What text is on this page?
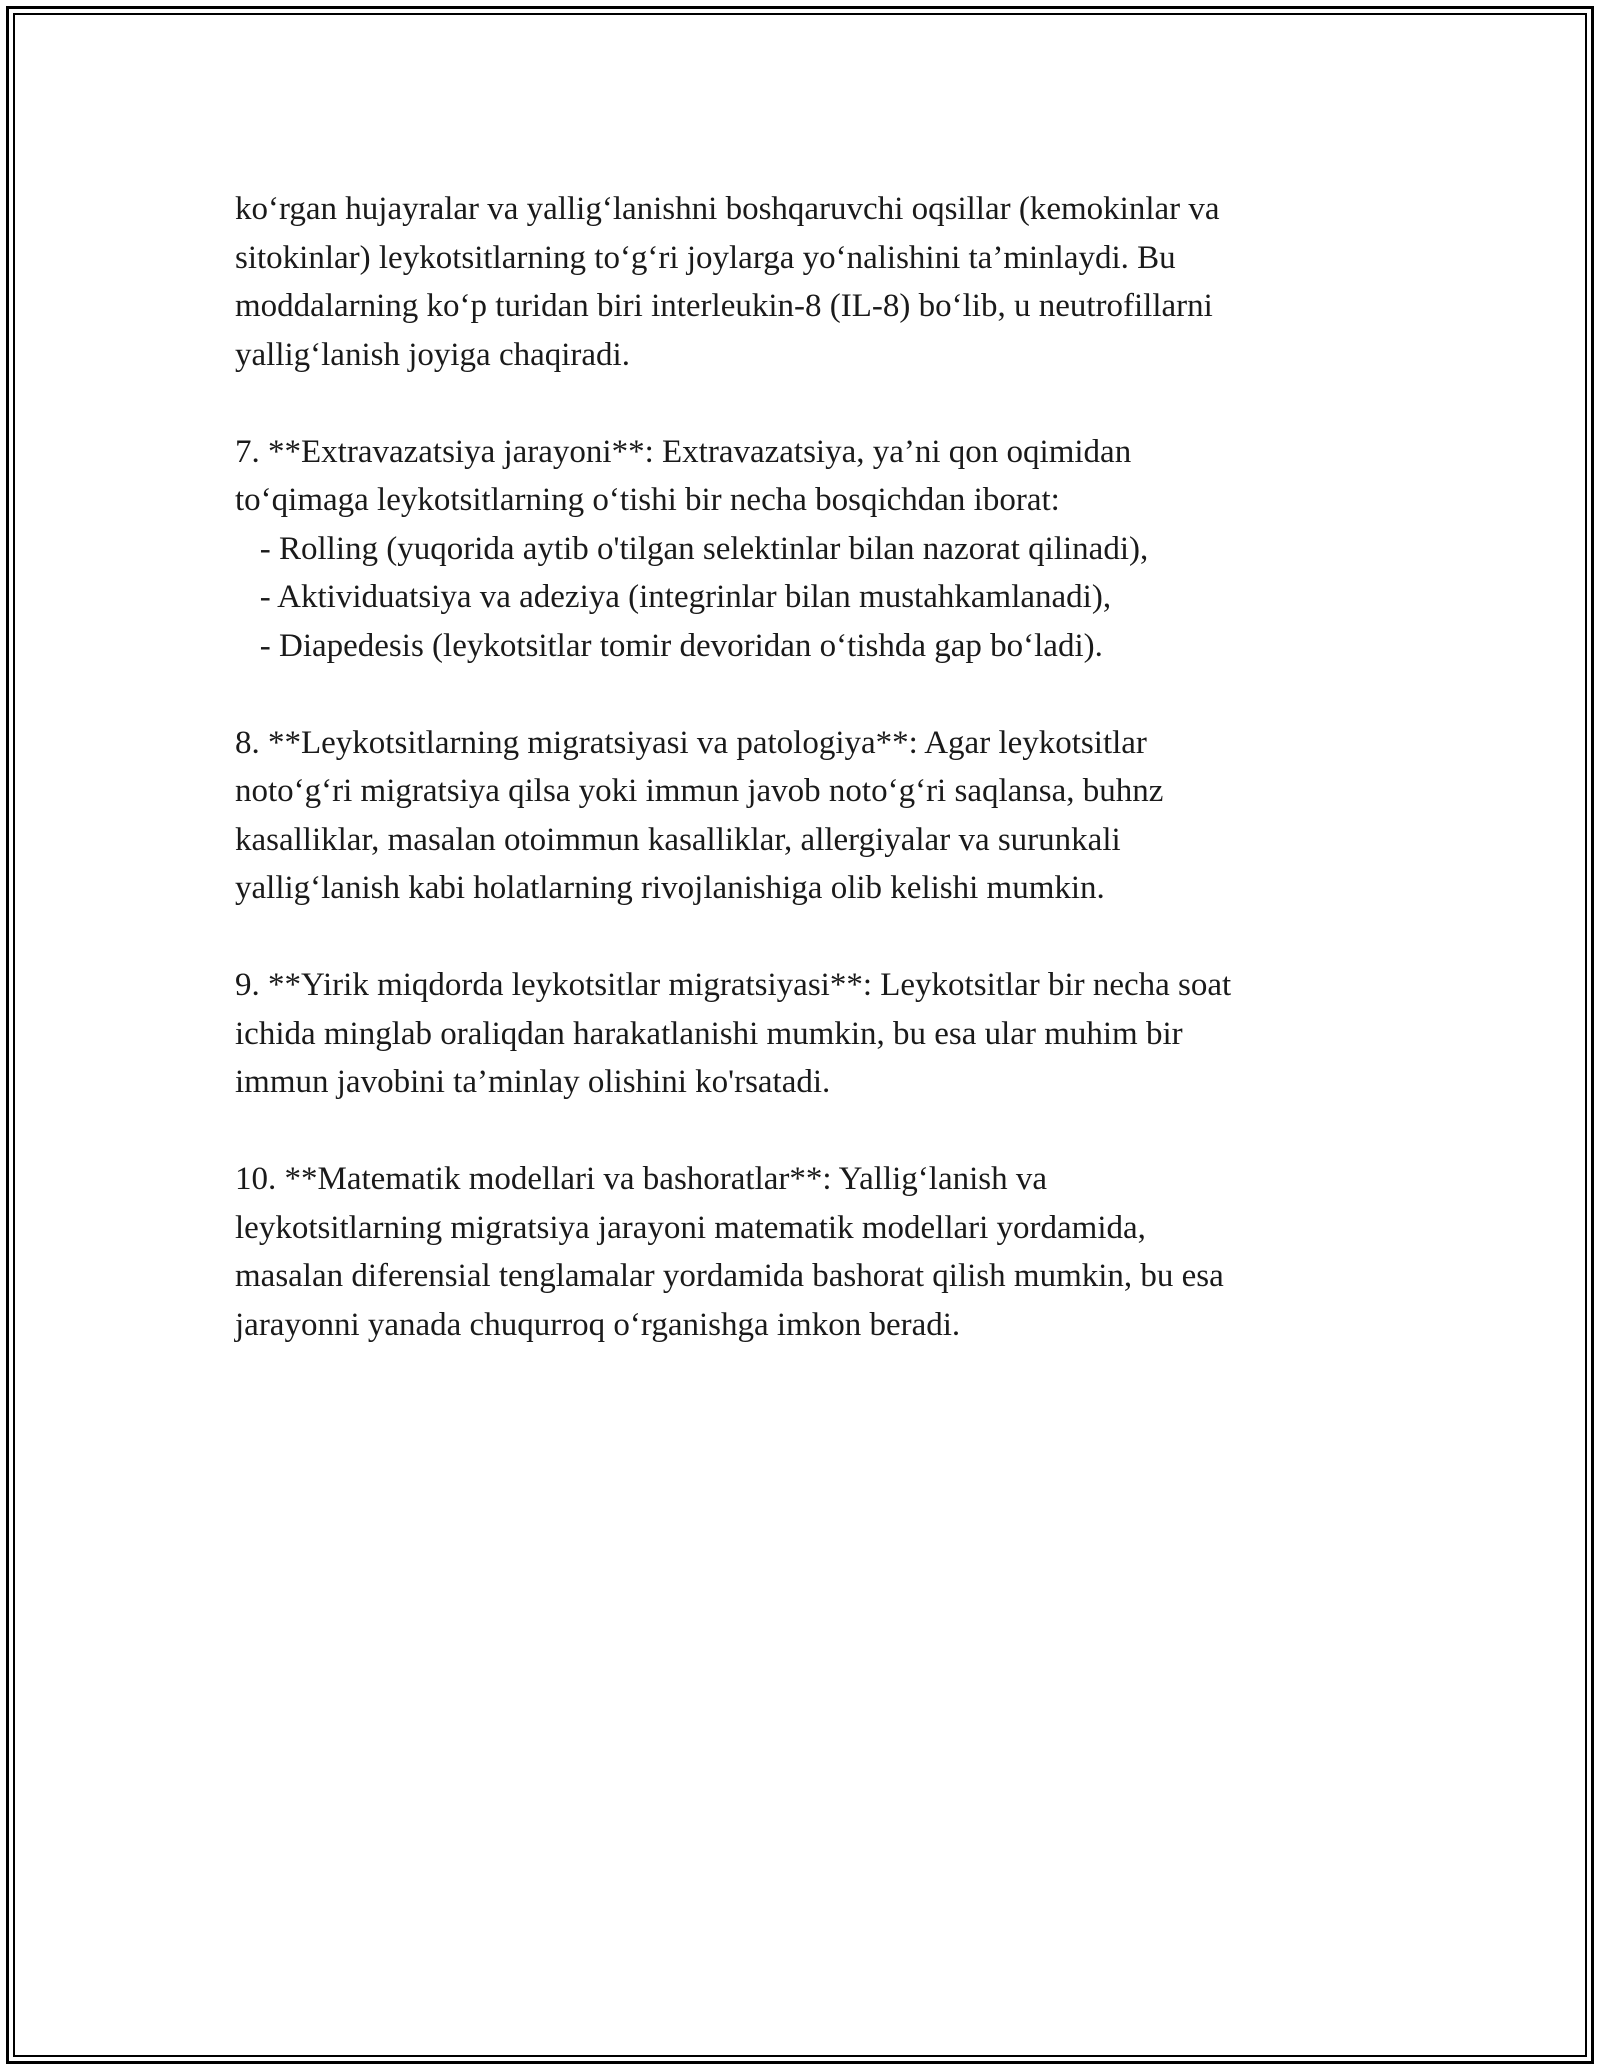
ko‘rgan hujayralar va yallig‘lanishni boshqaruvchi oqsillar (kemokinlar va
sitokinlar) leykotsitlarning to‘g‘ri joylarga yo‘nalishini ta’minlaydi. Bu
moddalarning ko‘p turidan biri interleukin-8 (IL-8) bo‘lib, u neutrofillarni
yallig‘lanish joyiga chaqiradi.
7. **Extravazatsiya jarayoni**: Extravazatsiya, ya’ni qon oqimidan
to‘qimaga leykotsitlarning o‘tishi bir necha bosqichdan iborat:
- Rolling (yuqorida aytib o'tilgan selektinlar bilan nazorat qilinadi),
- Aktividuatsiya va adeziya (integrinlar bilan mustahkamlanadi),
- Diapedesis (leykotsitlar tomir devoridan o‘tishda gap bo‘ladi).
8. **Leykotsitlarning migratsiyasi va patologiya**: Agar leykotsitlar
noto‘g‘ri migratsiya qilsa yoki immun javob noto‘g‘ri saqlansa, buhnz
kasalliklar, masalan otoimmun kasalliklar, allergiyalar va surunkali
yallig‘lanish kabi holatlarning rivojlanishiga olib kelishi mumkin.
9. **Yirik miqdorda leykotsitlar migratsiyasi**: Leykotsitlar bir necha soat
ichida minglab oraliqdan harakatlanishi mumkin, bu esa ular muhim bir
immun javobini ta’minlay olishini ko'rsatadi.
10. **Matematik modellari va bashoratlar**: Yallig‘lanish va
leykotsitlarning migratsiya jarayoni matematik modellari yordamida,
masalan diferensial tenglamalar yordamida bashorat qilish mumkin, bu esa
jarayonni yanada chuqurroq o‘rganishga imkon beradi.
